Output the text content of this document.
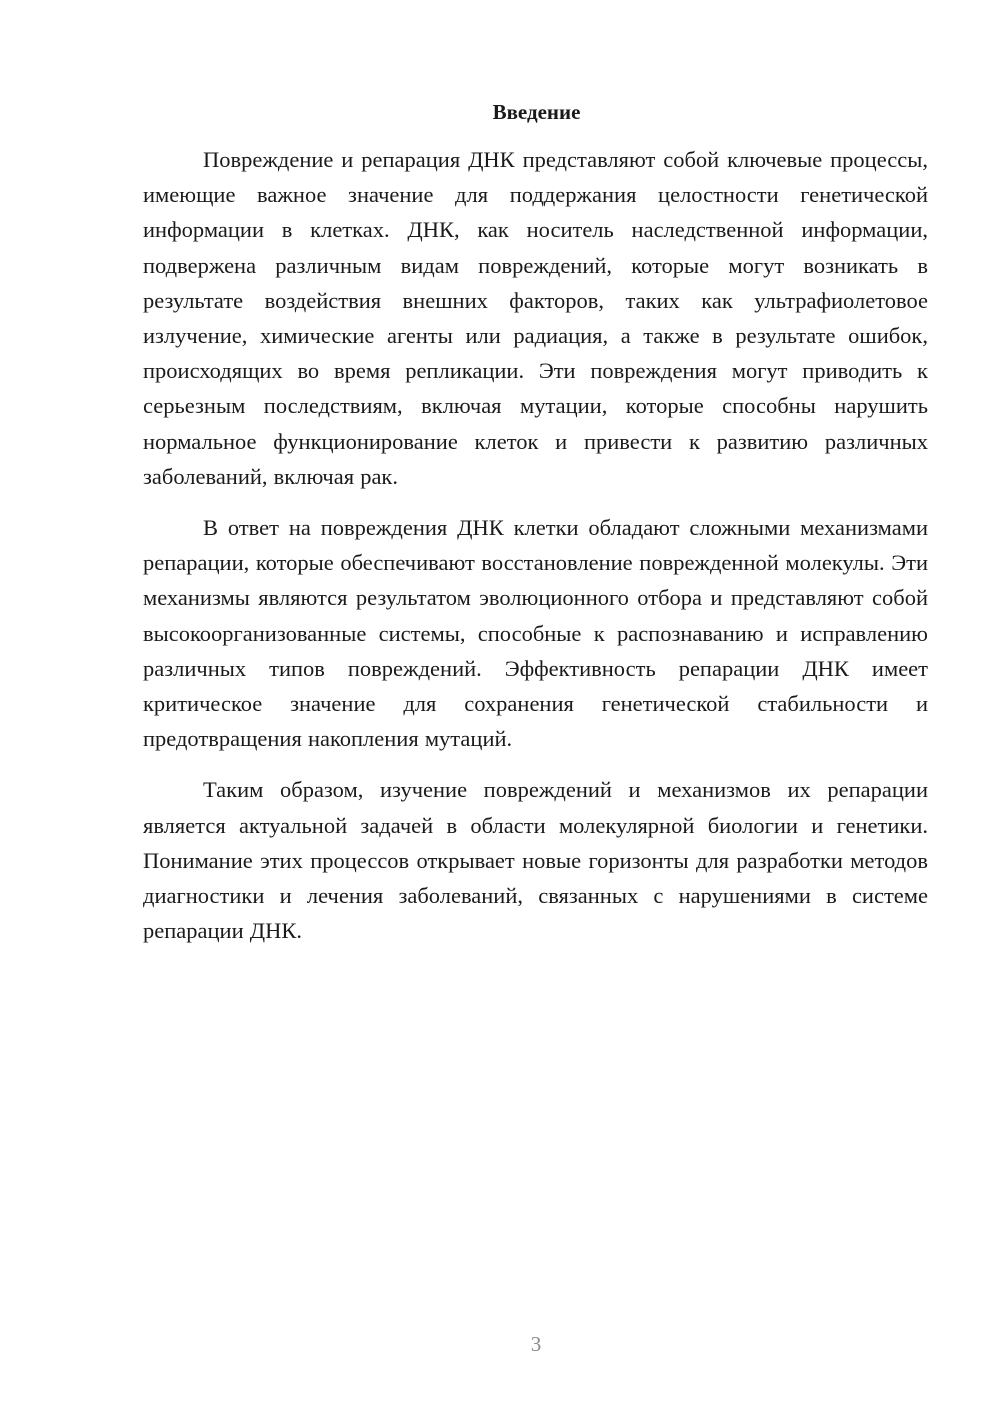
Введение

Повреждение и репарация ДНК представляют собой ключевые процессы, имеющие важное значение для поддержания целостности генетической информации в клетках. ДНК, как носитель наследственной информации, подвержена различным видам повреждений, которые могут возникать в результате воздействия внешних факторов, таких как ультрафиолетовое излучение, химические агенты или радиация, а также в результате ошибок, происходящих во время репликации. Эти повреждения могут приводить к серьезным последствиям, включая мутации, которые способны нарушить нормальное функционирование клеток и привести к развитию различных заболеваний, включая рак.

В ответ на повреждения ДНК клетки обладают сложными механизмами репарации, которые обеспечивают восстановление поврежденной молекулы. Эти механизмы являются результатом эволюционного отбора и представляют собой высокоорганизованные системы, способные к распознаванию и исправлению различных типов повреждений. Эффективность репарации ДНК имеет критическое значение для сохранения генетической стабильности и предотвращения накопления мутаций.

Таким образом, изучение повреждений и механизмов их репарации является актуальной задачей в области молекулярной биологии и генетики. Понимание этих процессов открывает новые горизонты для разработки методов диагностики и лечения заболеваний, связанных с нарушениями в системе репарации ДНК.

3
